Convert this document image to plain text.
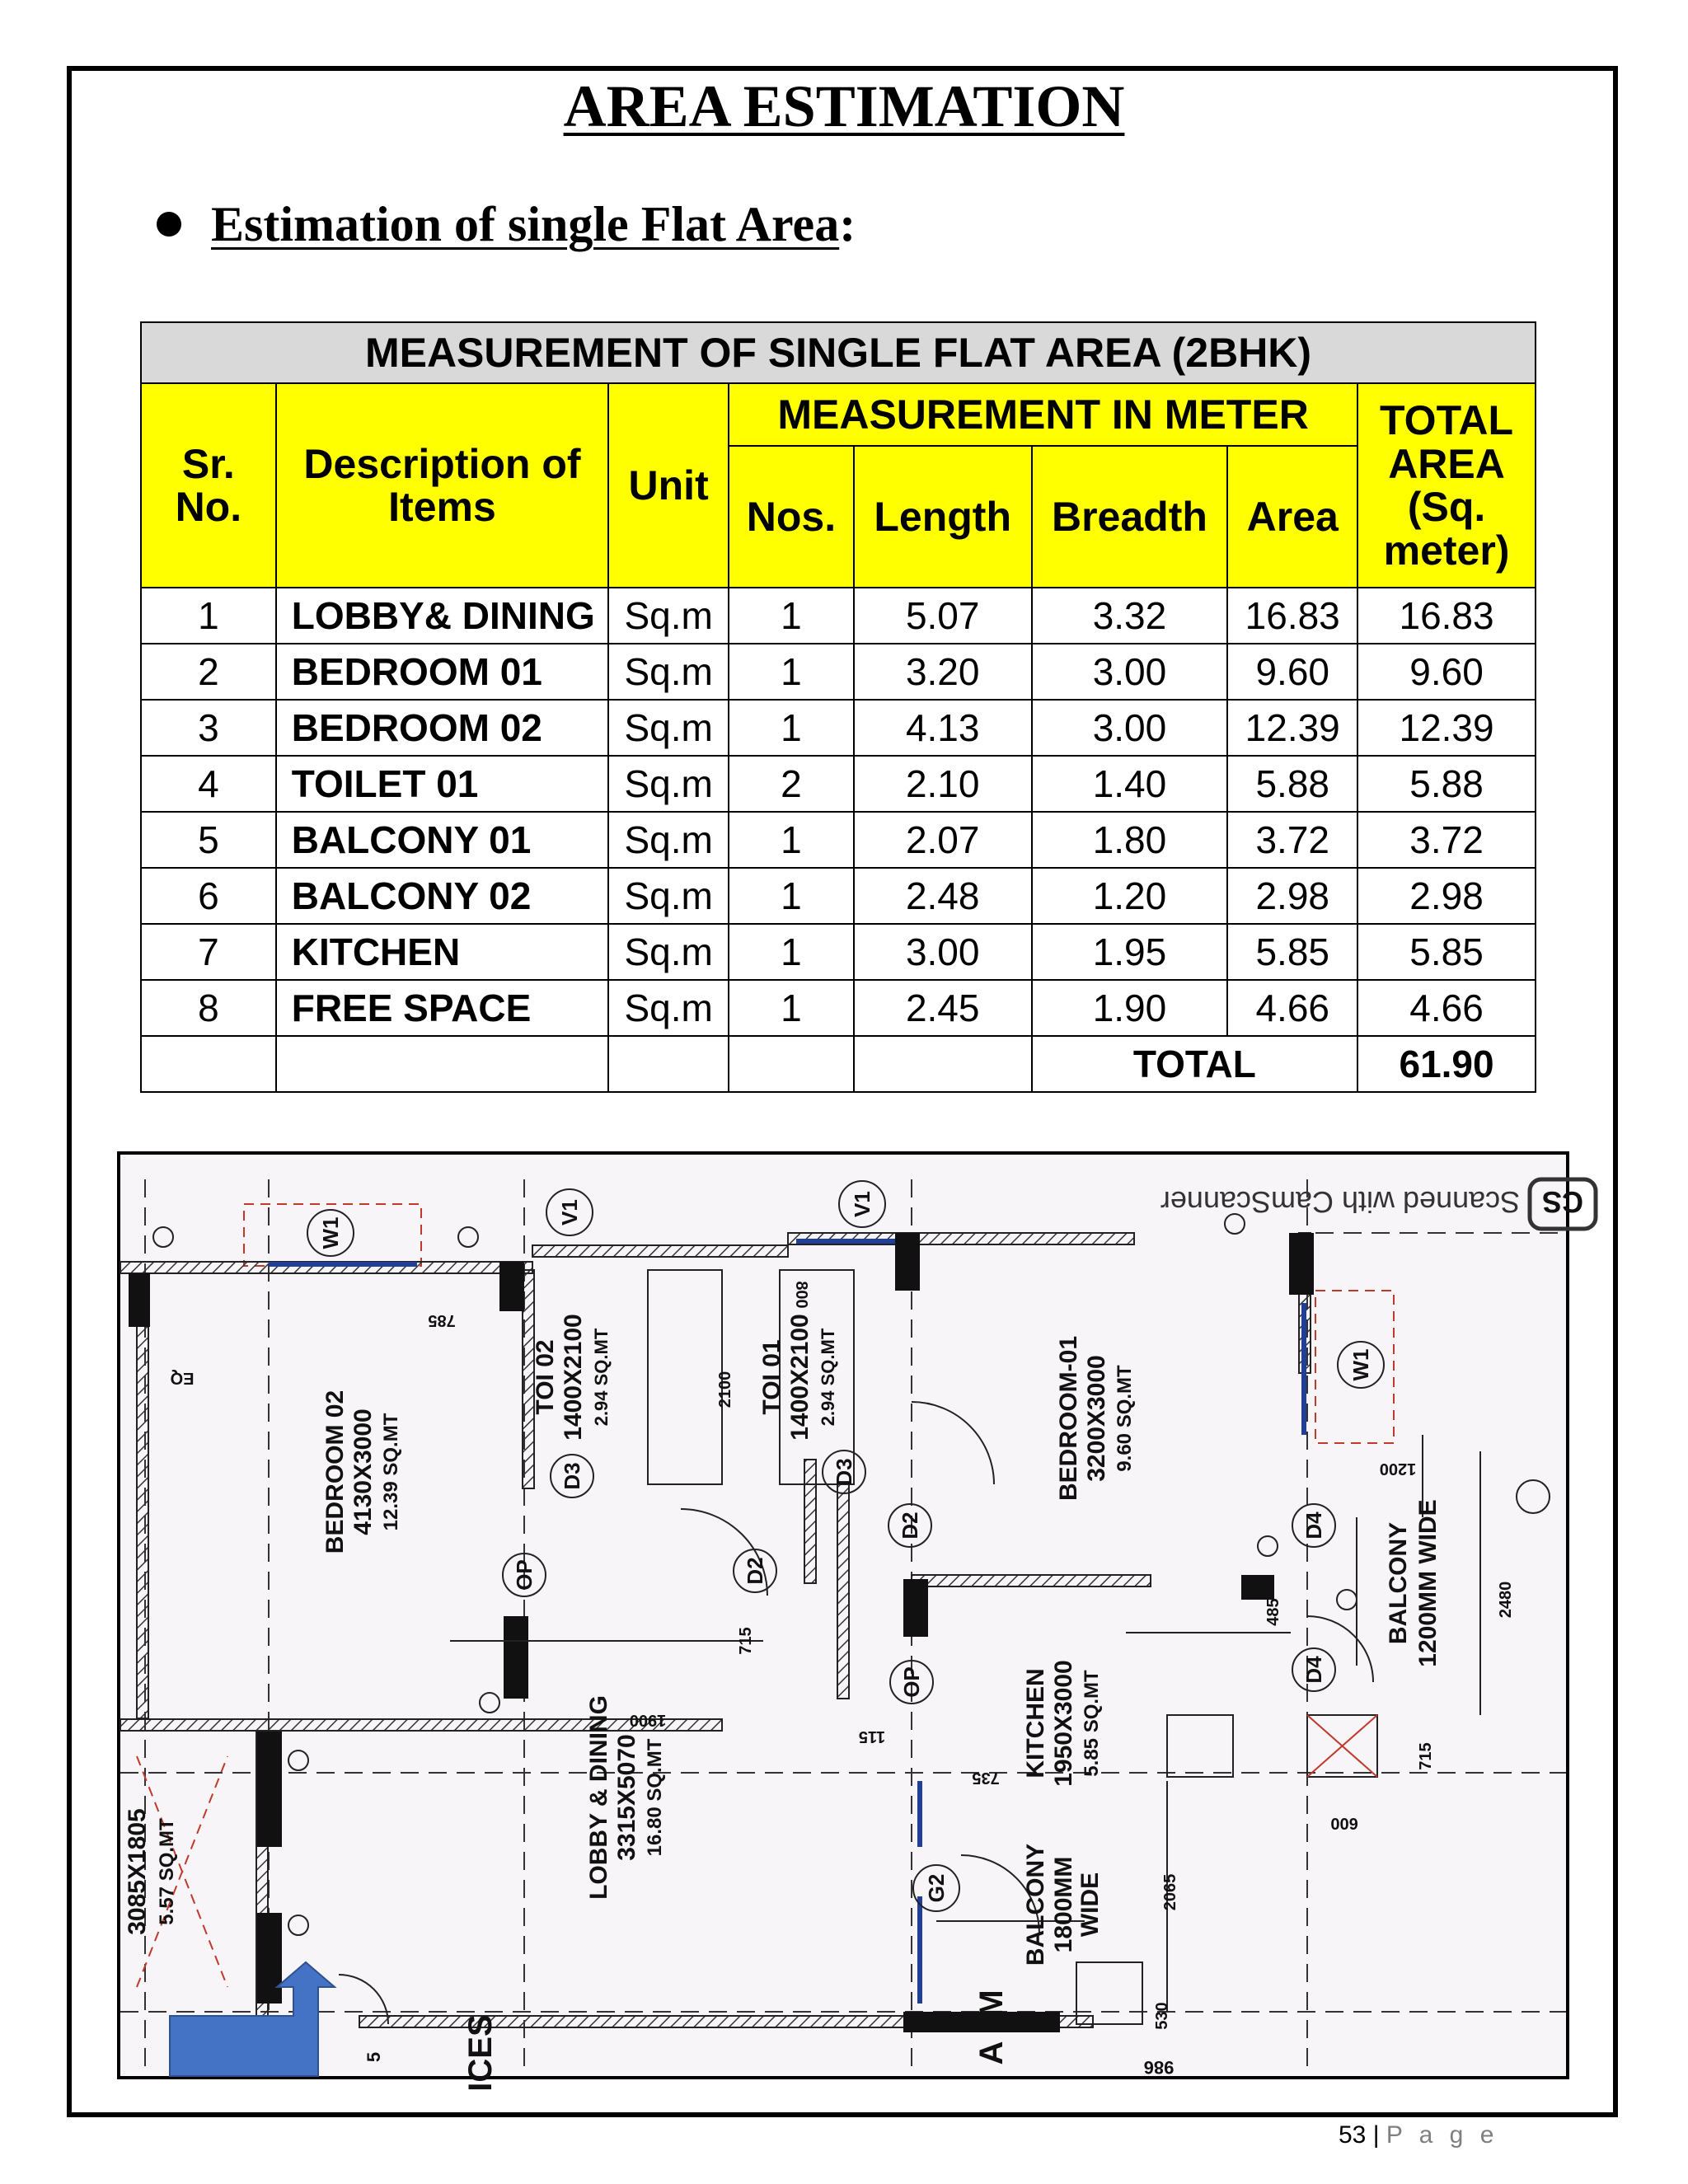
AREA ESTIMATION
Estimation of single Flat Area:
MEASUREMENT OF SINGLE FLAT AREA (2BHK)							
Sr. No.	Description of Items	Unit	MEASUREMENT IN METER				TOTAL AREA (Sq. meter)
			Nos.	Length	Breadth	Area	
1	LOBBY& DINING	Sq.m	1	5.07	3.32	16.83	16.83
2	BEDROOM 01	Sq.m	1	3.20	3.00	9.60	9.60
3	BEDROOM 02	Sq.m	1	4.13	3.00	12.39	12.39
4	TOILET 01	Sq.m	2	2.10	1.40	5.88	5.88
5	BALCONY 01	Sq.m	1	2.07	1.80	3.72	3.72
6	BALCONY 02	Sq.m	1	2.48	1.20	2.98	2.98
7	KITCHEN	Sq.m	1	3.00	1.95	5.85	5.85
8	FREE SPACE	Sq.m	1	2.45	1.90	4.66	4.66
					TOTAL		61.90
CS
Scanned with CamScanner
BEDROOM 02 4130X3000 12.39 SQ.MT
TOI 02 1400X2100 2.94 SQ.MT	TOI 01 1400X2100 2.94 SQ.MT	BEDROOM-01 3200X3000 9.60 SQ.MT
BALCONY 1200MM WIDE
KITCHEN 1950X3000 5.85 SQ.MT
BALCONY 1800MM WIDE
LOBBY & DINING 3315X5070 16.80 SQ.MT
3085X1805 5.57 SQ.MT
W1
V1	V1
W1
D3	D3
OP	D2
D2
OP
D4
D4
G2
785
800
2100
1200
2480
485
715
715
1900
115
735
600
2065
530
EQ
ICES	A
M
5	986
53 | P a g e
